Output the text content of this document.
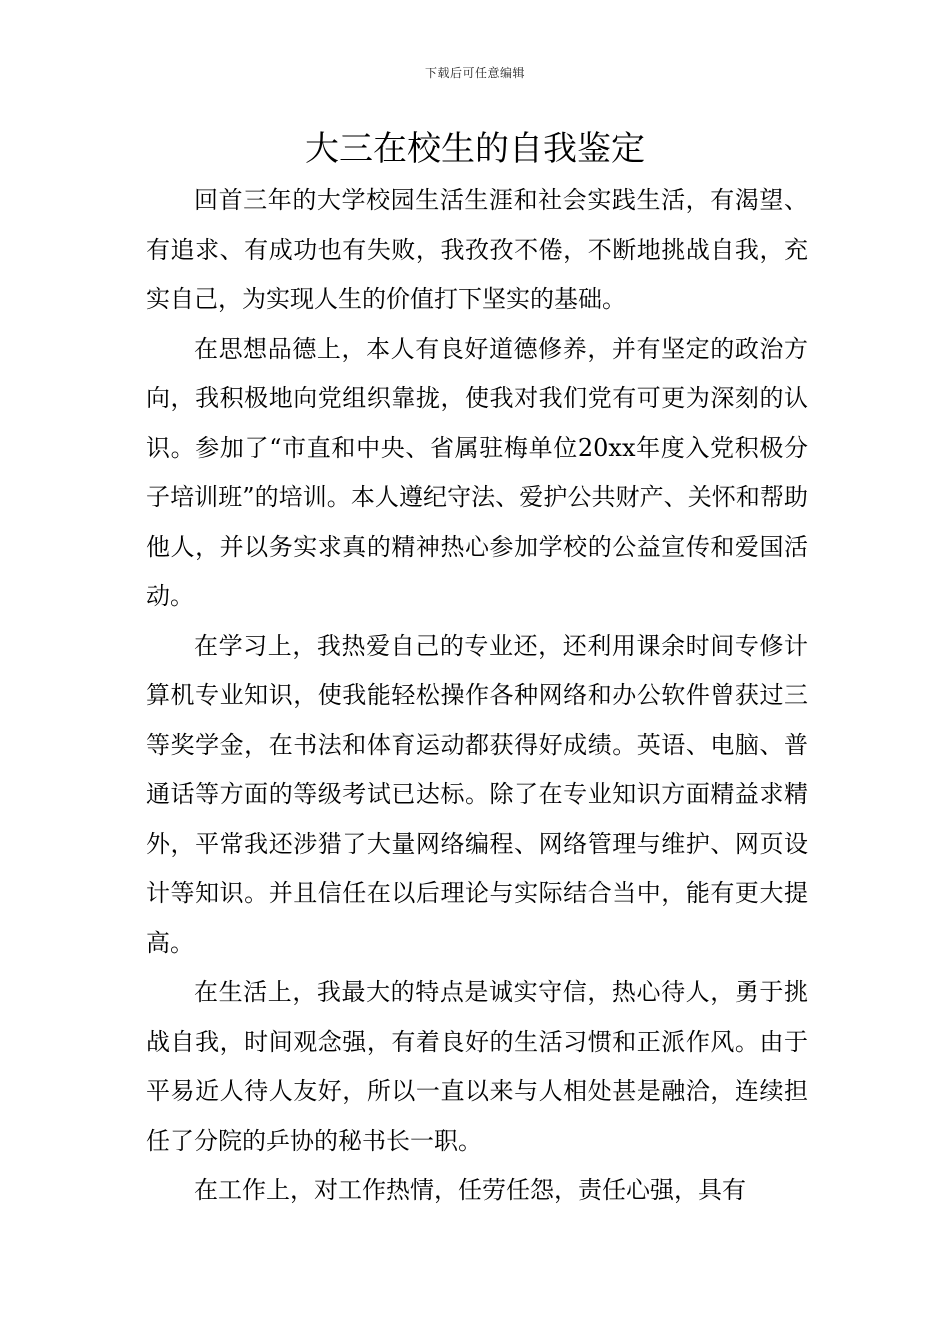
下载后可任意编辑
大三在校生的自我鉴定

回首三年的大学校园生活生涯和社会实践生活，有渴望、有追求、有成功也有失败，我孜孜不倦，不断地挑战自我，充实自己，为实现人生的价值打下坚实的基础。

在思想品德上，本人有良好道德修养，并有坚定的政治方向，我积极地向党组织靠拢，使我对我们党有可更为深刻的认识。参加了“市直和中央、省属驻梅单位20xx年度入党积极分子培训班”的培训。本人遵纪守法、爱护公共财产、关怀和帮助他人，并以务实求真的精神热心参加学校的公益宣传和爱国活动。

在学习上，我热爱自己的专业还，还利用课余时间专修计算机专业知识，使我能轻松操作各种网络和办公软件曾获过三等奖学金，在书法和体育运动都获得好成绩。英语、电脑、普通话等方面的等级考试已达标。除了在专业知识方面精益求精外，平常我还涉猎了大量网络编程、网络管理与维护、网页设计等知识。并且信任在以后理论与实际结合当中，能有更大提高。

在生活上，我最大的特点是诚实守信，热心待人，勇于挑战自我，时间观念强，有着良好的生活习惯和正派作风。由于平易近人待人友好，所以一直以来与人相处甚是融洽，连续担任了分院的乒协的秘书长一职。

在工作上，对工作热情，任劳任怨，责任心强，具有
